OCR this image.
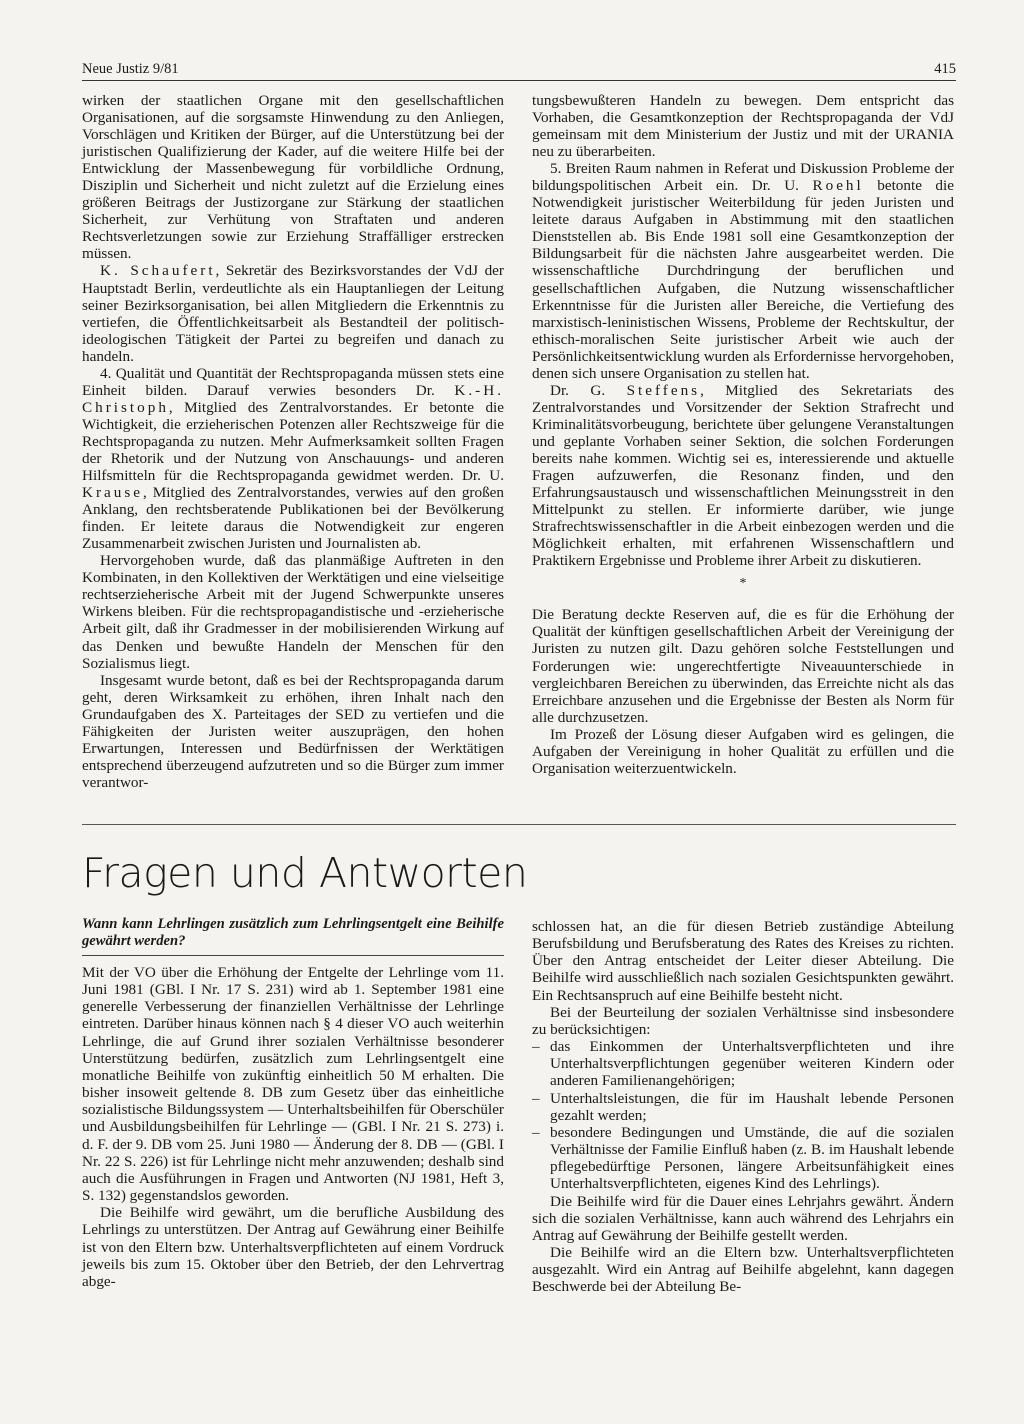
Neue Justiz 9/81	415

wirken der staatlichen Organe mit den gesellschaftlichen Organisationen, auf die sorgsamste Hinwendung zu den Anliegen, Vorschlägen und Kritiken der Bürger, auf die Unterstützung bei der juristischen Qualifizierung der Kader, auf die weitere Hilfe bei der Entwicklung der Massenbewegung für vorbildliche Ordnung, Disziplin und Sicherheit und nicht zuletzt auf die Erzielung eines größeren Beitrags der Justizorgane zur Stärkung der staatlichen Sicherheit, zur Verhütung von Straftaten und anderen Rechtsverletzungen sowie zur Erziehung Straffälliger erstrecken müssen.

K. Schaufert, Sekretär des Bezirksvorstandes der VdJ der Hauptstadt Berlin, verdeutlichte als ein Hauptanliegen der Leitung seiner Bezirksorganisation, bei allen Mitgliedern die Erkenntnis zu vertiefen, die Öffentlichkeitsarbeit als Bestandteil der politisch-ideologischen Tätigkeit der Partei zu begreifen und danach zu handeln.

4. Qualität und Quantität der Rechtspropaganda müssen stets eine Einheit bilden. Darauf verwies besonders Dr. K.-H. Christoph, Mitglied des Zentralvorstandes. Er betonte die Wichtigkeit, die erzieherischen Potenzen aller Rechtszweige für die Rechtspropaganda zu nutzen. Mehr Aufmerksamkeit sollten Fragen der Rhetorik und der Nutzung von Anschauungs- und anderen Hilfsmitteln für die Rechtspropaganda gewidmet werden. Dr. U. Krause, Mitglied des Zentralvorstandes, verwies auf den großen Anklang, den rechtsberatende Publikationen bei der Bevölkerung finden. Er leitete daraus die Notwendigkeit zur engeren Zusammenarbeit zwischen Juristen und Journalisten ab.

Hervorgehoben wurde, daß das planmäßige Auftreten in den Kombinaten, in den Kollektiven der Werktätigen und eine vielseitige rechtserzieherische Arbeit mit der Jugend Schwerpunkte unseres Wirkens bleiben. Für die rechtspropagandistische und -erzieherische Arbeit gilt, daß ihr Gradmesser in der mobilisierenden Wirkung auf das Denken und bewußte Handeln der Menschen für den Sozialismus liegt.

Insgesamt wurde betont, daß es bei der Rechtspropaganda darum geht, deren Wirksamkeit zu erhöhen, ihren Inhalt nach den Grundaufgaben des X. Parteitages der SED zu vertiefen und die Fähigkeiten der Juristen weiter auszuprägen, den hohen Erwartungen, Interessen und Bedürfnissen der Werktätigen entsprechend überzeugend aufzutreten und so die Bürger zum immer verantwor-

tungsbewußteren Handeln zu bewegen. Dem entspricht das Vorhaben, die Gesamtkonzeption der Rechtspropaganda der VdJ gemeinsam mit dem Ministerium der Justiz und mit der URANIA neu zu überarbeiten.

5. Breiten Raum nahmen in Referat und Diskussion Probleme der bildungspolitischen Arbeit ein. Dr. U. Roehl betonte die Notwendigkeit juristischer Weiterbildung für jeden Juristen und leitete daraus Aufgaben in Abstimmung mit den staatlichen Dienststellen ab. Bis Ende 1981 soll eine Gesamtkonzeption der Bildungsarbeit für die nächsten Jahre ausgearbeitet werden. Die wissenschaftliche Durchdringung der beruflichen und gesellschaftlichen Aufgaben, die Nutzung wissenschaftlicher Erkenntnisse für die Juristen aller Bereiche, die Vertiefung des marxistisch-leninistischen Wissens, Probleme der Rechtskultur, der ethisch-moralischen Seite juristischer Arbeit wie auch der Persönlichkeitsentwicklung wurden als Erfordernisse hervorgehoben, denen sich unsere Organisation zu stellen hat.

Dr. G. Steffens, Mitglied des Sekretariats des Zentralvorstandes und Vorsitzender der Sektion Strafrecht und Kriminalitätsvorbeugung, berichtete über gelungene Veranstaltungen und geplante Vorhaben seiner Sektion, die solchen Forderungen bereits nahe kommen. Wichtig sei es, interessierende und aktuelle Fragen aufzuwerfen, die Resonanz finden, und den Erfahrungsaustausch und wissenschaftlichen Meinungsstreit in den Mittelpunkt zu stellen. Er informierte darüber, wie junge Strafrechtswissenschaftler in die Arbeit einbezogen werden und die Möglichkeit erhalten, mit erfahrenen Wissenschaftlern und Praktikern Ergebnisse und Probleme ihrer Arbeit zu diskutieren.

*

Die Beratung deckte Reserven auf, die es für die Erhöhung der Qualität der künftigen gesellschaftlichen Arbeit der Vereinigung der Juristen zu nutzen gilt. Dazu gehören solche Feststellungen und Forderungen wie: ungerechtfertigte Niveauunterschiede in vergleichbaren Bereichen zu überwinden, das Erreichte nicht als das Erreichbare anzusehen und die Ergebnisse der Besten als Norm für alle durchzusetzen.

Im Prozeß der Lösung dieser Aufgaben wird es gelingen, die Aufgaben der Vereinigung in hoher Qualität zu erfüllen und die Organisation weiterzuentwickeln.

Fragen und Antworten
Wann kann Lehrlingen zusätzlich zum Lehrlingsentgelt eine Beihilfe gewährt werden?

Mit der VO über die Erhöhung der Entgelte der Lehrlinge vom 11. Juni 1981 (GBl. I Nr. 17 S. 231) wird ab 1. September 1981 eine generelle Verbesserung der finanziellen Verhältnisse der Lehrlinge eintreten. Darüber hinaus können nach § 4 dieser VO auch weiterhin Lehrlinge, die auf Grund ihrer sozialen Verhältnisse besonderer Unterstützung bedürfen, zusätzlich zum Lehrlingsentgelt eine monatliche Beihilfe von zukünftig einheitlich 50 M erhalten. Die bisher insoweit geltende 8. DB zum Gesetz über das einheitliche sozialistische Bildungssystem — Unterhaltsbeihilfen für Oberschüler und Ausbildungsbeihilfen für Lehrlinge — (GBl. I Nr. 21 S. 273) i. d. F. der 9. DB vom 25. Juni 1980 — Änderung der 8. DB — (GBl. I Nr. 22 S. 226) ist für Lehrlinge nicht mehr anzuwenden; deshalb sind auch die Ausführungen in Fragen und Antworten (NJ 1981, Heft 3, S. 132) gegenstandslos geworden.

Die Beihilfe wird gewährt, um die berufliche Ausbildung des Lehrlings zu unterstützen. Der Antrag auf Gewährung einer Beihilfe ist von den Eltern bzw. Unterhaltsverpflichteten auf einem Vordruck jeweils bis zum 15. Oktober über den Betrieb, der den Lehrvertrag abge-

schlossen hat, an die für diesen Betrieb zuständige Abteilung Berufsbildung und Berufsberatung des Rates des Kreises zu richten. Über den Antrag entscheidet der Leiter dieser Abteilung. Die Beihilfe wird ausschließlich nach sozialen Gesichtspunkten gewährt. Ein Rechtsanspruch auf eine Beihilfe besteht nicht.

Bei der Beurteilung der sozialen Verhältnisse sind insbesondere zu berücksichtigen:

– das Einkommen der Unterhaltsverpflichteten und ihre Unterhaltsverpflichtungen gegenüber weiteren Kindern oder anderen Familienangehörigen;
– Unterhaltsleistungen, die für im Haushalt lebende Personen gezahlt werden;
– besondere Bedingungen und Umstände, die auf die sozialen Verhältnisse der Familie Einfluß haben (z. B. im Haushalt lebende pflegebedürftige Personen, längere Arbeitsunfähigkeit eines Unterhaltsverpflichteten, eigenes Kind des Lehrlings).

Die Beihilfe wird für die Dauer eines Lehrjahrs gewährt. Ändern sich die sozialen Verhältnisse, kann auch während des Lehrjahrs ein Antrag auf Gewährung der Beihilfe gestellt werden.

Die Beihilfe wird an die Eltern bzw. Unterhaltsverpflichteten ausgezahlt. Wird ein Antrag auf Beihilfe abgelehnt, kann dagegen Beschwerde bei der Abteilung Be-
